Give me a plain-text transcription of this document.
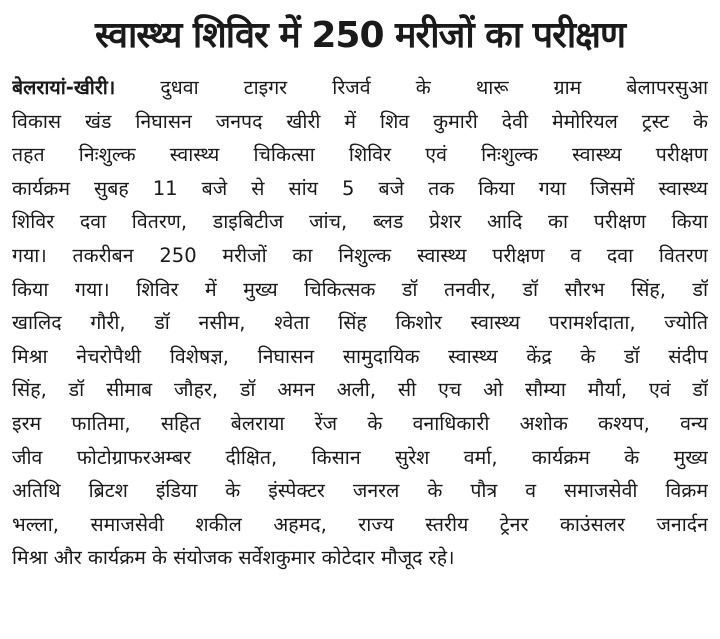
स्वास्थ्य शिविर में 250 मरीजों का परीक्षण
बेलरायां-खीरी। दुधवा टाइगर रिजर्व के थारू ग्राम बेलापरसुआ
विकास खंड निघासन जनपद खीरी में शिव कुमारी देवी मेमोरियल ट्रस्ट के
तहत निःशुल्क स्वास्थ्य चिकित्सा शिविर एवं निःशुल्क स्वास्थ्य परीक्षण
कार्यक्रम सुबह 11 बजे से सांय 5 बजे तक किया गया जिसमें स्वास्थ्य
शिविर दवा वितरण, डाइबिटीज जांच, ब्लड प्रेशर आदि का परीक्षण किया
गया। तकरीबन 250 मरीजों का निशुल्क स्वास्थ्य परीक्षण व दवा वितरण
किया गया। शिविर में मुख्य चिकित्सक डॉ तनवीर, डॉ सौरभ सिंह, डॉ
खालिद गौरी, डॉ नसीम, श्वेता सिंह किशोर स्वास्थ्य परामर्शदाता, ज्योति
मिश्रा नेचरोपैथी विशेषज्ञ, निघासन सामुदायिक स्वास्थ्य केंद्र के डॉ संदीप
सिंह, डॉ सीमाब जौहर, डॉ अमन अली, सी एच ओ सौम्या मौर्या, एवं डॉ
इरम फातिमा, सहित बेलराया रेंज के वनाधिकारी अशोक कश्यप, वन्य
जीव फोटोग्राफरअम्बर दीक्षित, किसान सुरेश वर्मा, कार्यक्रम के मुख्य
अतिथि ब्रिटश इंडिया के इंस्पेक्टर जनरल के पौत्र व समाजसेवी विक्रम
भल्ला, समाजसेवी शकील अहमद, राज्य स्तरीय ट्रेनर काउंसलर जनार्दन
मिश्रा और कार्यक्रम के संयोजक सर्वेशकुमार कोटेदार मौजूद रहे।
